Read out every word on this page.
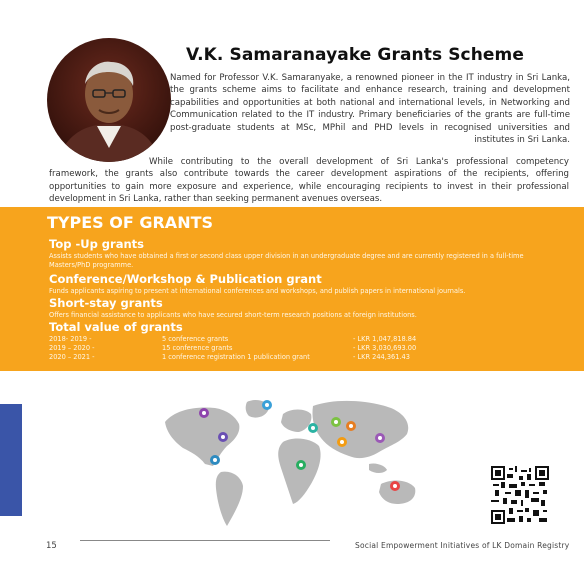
V.K. Samaranayake Grants Scheme
Named for Professor V.K. Samaranyake, a renowned pioneer in the IT industry in Sri Lanka, the grants scheme aims to facilitate and enhance research, training and development capabilities and opportunities at both national and international levels, in Networking and Communication related to the IT industry. Primary beneficiaries of the grants are full-time post-graduate students at MSc, MPhil and PHD levels in recognised universities and institutes in Sri Lanka.
While contributing to the overall development of Sri Lanka's professional competency framework, the grants also contribute towards the career development aspirations of the recipients, offering opportunities to gain more exposure and experience, while encouraging recipients to invest in their professional development in Sri Lanka, rather than seeking permanent avenues overseas.
TYPES OF GRANTS
Top -Up grants
Assists students who have obtained a first or second class upper division in an undergraduate degree and are currently registered in a full-time Masters/PhD programme.
Conference/Workshop & Publication grant
Funds applicants aspiring to present at international conferences and workshops, and publish papers in international journals.
Short-stay grants
Offers financial assistance to applicants who have secured short-term research positions at foreign institutions.
Total value of grants
2018- 2019 -	5 conference grants	- LKR 1,047,818.84
2019 – 2020 -	15 conference grants	- LKR 3,030,693.00
2020 – 2021 -	1 conference registration 1 publication grant	- LKR 244,361.43
15	Social Empowerment Initiatives of LK Domain Registry
